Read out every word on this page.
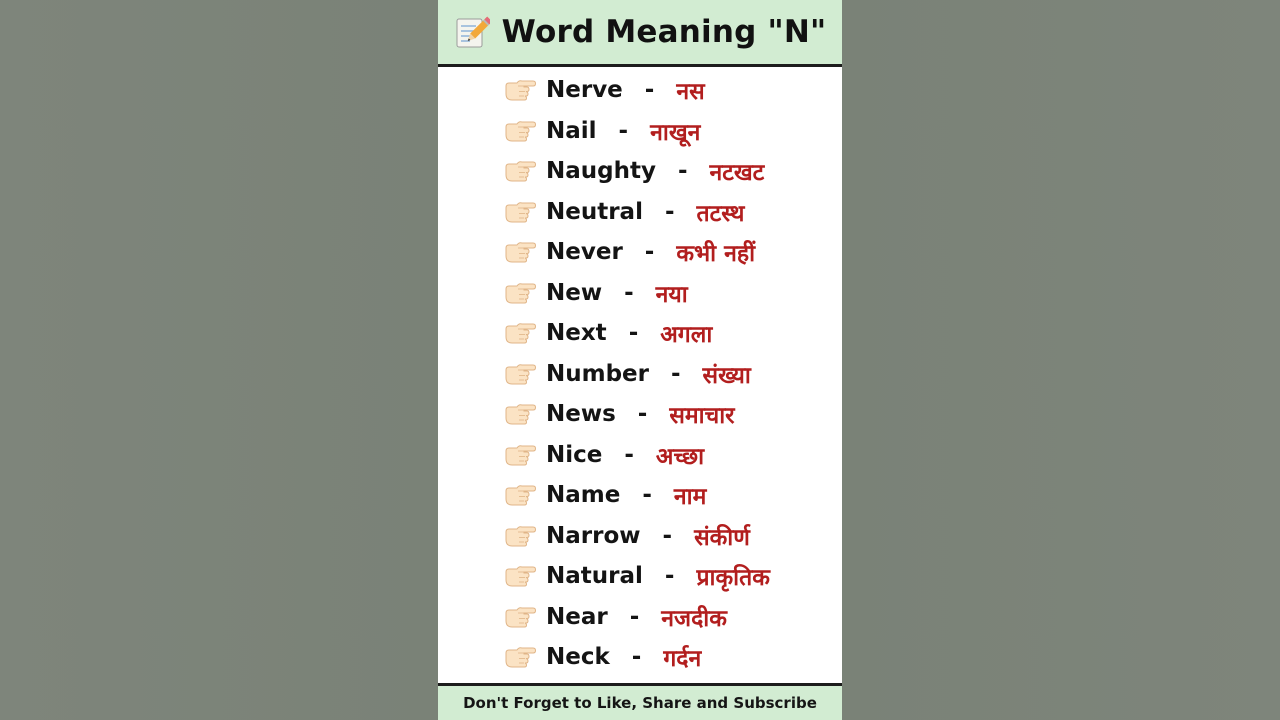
Word Meaning "N"
Nerve - नस
Nail - नाखून
Naughty - नटखट
Neutral - तटस्थ
Never - कभी नहीं
New - नया
Next - अगला
Number - संख्या
News - समाचार
Nice - अच्छा
Name - नाम
Narrow - संकीर्ण
Natural - प्राकृतिक
Near - नजदीक
Neck - गर्दन
Don't Forget to Like, Share and Subscribe
